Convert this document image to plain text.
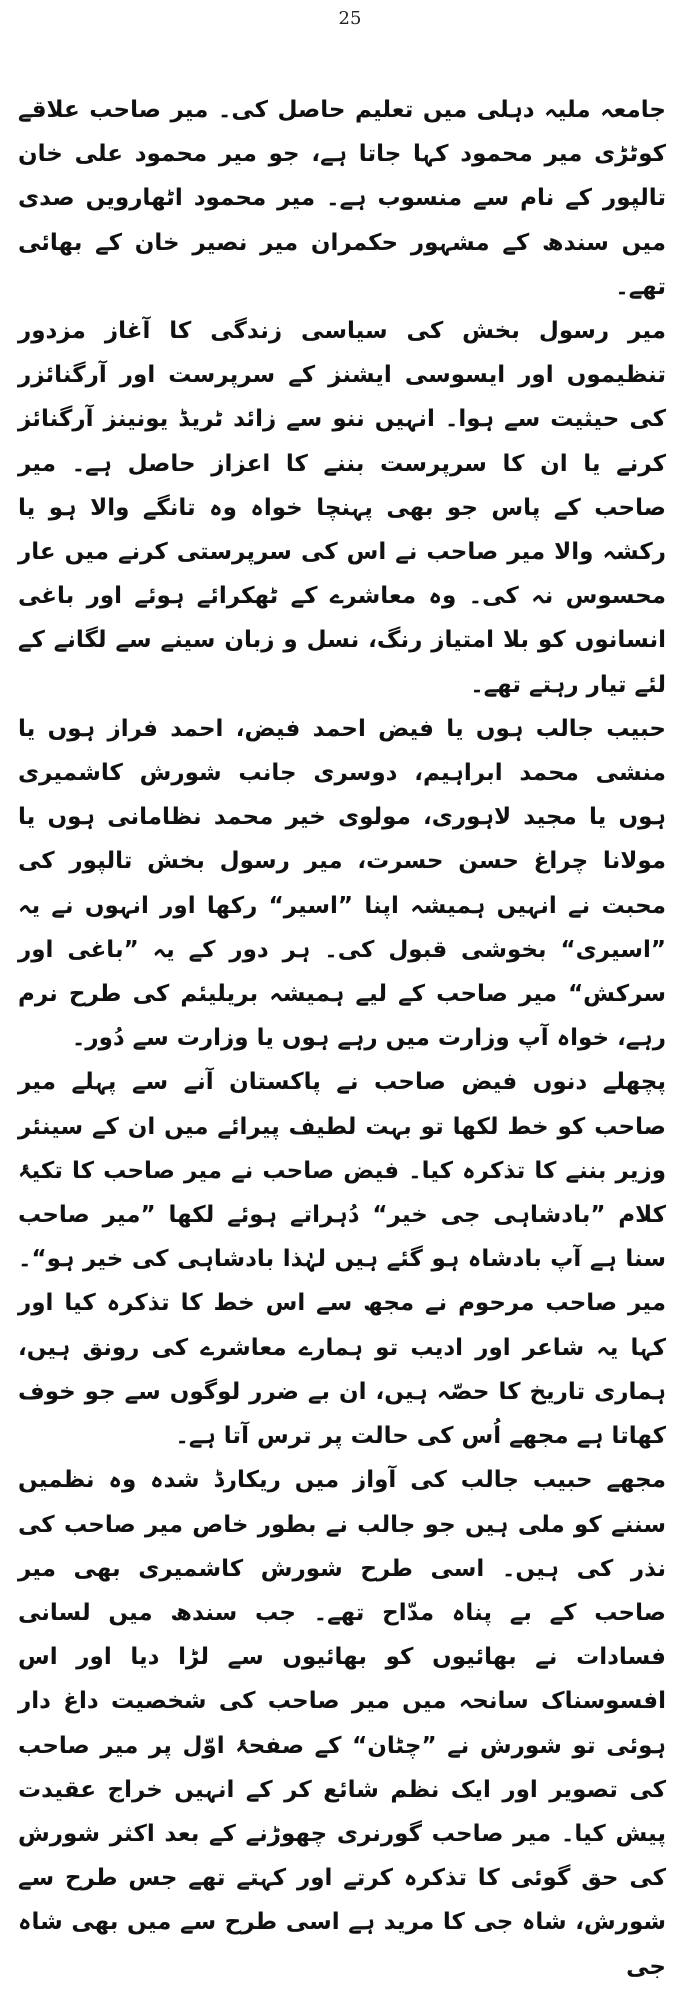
25

جامعہ ملیہ دہلی میں تعلیم حاصل کی۔ میر صاحب علاقے کوٹڑی میر محمود کہا جاتا ہے، جو میر محمود علی خان تالپور کے نام سے منسوب ہے۔ میر محمود اٹھارویں صدی میں سندھ کے مشہور حکمران میر نصیر خان کے بھائی تھے۔

میر رسول بخش کی سیاسی زندگی کا آغاز مزدور تنظیموں اور ایسوسی ایشنز کے سرپرست اور آرگنائزر کی حیثیت سے ہوا۔ انہیں ننو سے زائد ٹریڈ یونینز آرگنائز کرنے یا ان کا سرپرست بننے کا اعزاز حاصل ہے۔ میر صاحب کے پاس جو بھی پہنچا خواہ وہ تانگے والا ہو یا رکشہ والا میر صاحب نے اس کی سرپرستی کرنے میں عار محسوس نہ کی۔ وہ معاشرے کے ٹھکرائے ہوئے اور باغی انسانوں کو بلا امتیاز رنگ، نسل و زبان سینے سے لگانے کے لئے تیار رہتے تھے۔

حبیب جالب ہوں یا فیض احمد فیض، احمد فراز ہوں یا منشی محمد ابراہیم، دوسری جانب شورش کاشمیری ہوں یا مجید لاہوری، مولوی خیر محمد نظامانی ہوں یا مولانا چراغ حسن حسرت، میر رسول بخش تالپور کی محبت نے انہیں ہمیشہ اپنا ”اسیر“ رکھا اور انہوں نے یہ ”اسیری“ بخوشی قبول کی۔ ہر دور کے یہ ”باغی اور سرکش“ میر صاحب کے لیے ہمیشہ بریلیئم کی طرح نرم رہے، خواہ آپ وزارت میں رہے ہوں یا وزارت سے دُور۔

پچھلے دنوں فیض صاحب نے پاکستان آنے سے پہلے میر صاحب کو خط لکھا تو بہت لطیف پیرائے میں ان کے سینئر وزیر بننے کا تذکرہ کیا۔ فیض صاحب نے میر صاحب کا تکیۂ کلام ”بادشاہی جی خیر“ دُہراتے ہوئے لکھا ”میر صاحب سنا ہے آپ بادشاہ ہو گئے ہیں لہٰذا بادشاہی کی خیر ہو“۔ میر صاحب مرحوم نے مجھ سے اس خط کا تذکرہ کیا اور کہا یہ شاعر اور ادیب تو ہمارے معاشرے کی رونق ہیں، ہماری تاریخ کا حصّہ ہیں، ان بے ضرر لوگوں سے جو خوف کھاتا ہے مجھے اُس کی حالت پر ترس آتا ہے۔

مجھے حبیب جالب کی آواز میں ریکارڈ شدہ وہ نظمیں سننے کو ملی ہیں جو جالب نے بطور خاص میر صاحب کی نذر کی ہیں۔ اسی طرح شورش کاشمیری بھی میر صاحب کے بے پناہ مدّاح تھے۔ جب سندھ میں لسانی فسادات نے بھائیوں کو بھائیوں سے لڑا دیا اور اس افسوسناک سانحہ میں میر صاحب کی شخصیت داغ دار ہوئی تو شورش نے ”چٹان“ کے صفحۂ اوّل پر میر صاحب کی تصویر اور ایک نظم شائع کر کے انہیں خراج عقیدت پیش کیا۔ میر صاحب گورنری چھوڑنے کے بعد اکثر شورش کی حق گوئی کا تذکرہ کرتے اور کہتے تھے جس طرح سے شورش، شاہ جی کا مرید ہے اسی طرح سے میں بھی شاہ جی
